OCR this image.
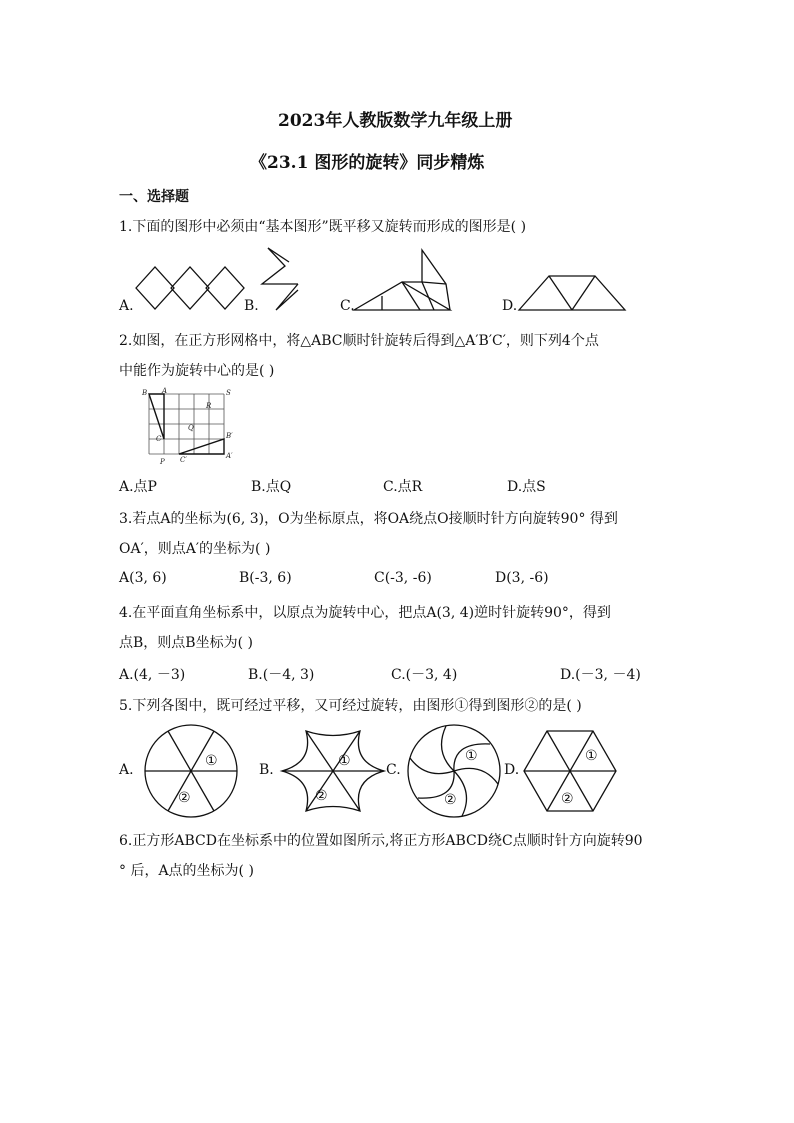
2023年人教版数学九年级上册
《23.1 图形的旋转》同步精炼
一、选择题
1.下面的图形中必须由“基本图形”既平移又旋转而形成的图形是( )
A.	B.	C.	D.
2.如图，在正方形网格中，将△ABC顺时针旋转后得到△A′B′C′，则下列4个点
中能作为旋转中心的是( )
B A	S
R
Q
C
P C′
B′
A′
A.点P	B.点Q	C.点R	D.点S
3.若点A的坐标为(6, 3)，O为坐标原点，将OA绕点O接顺时针方向旋转90° 得到
OA′，则点A′的坐标为( )
A(3, 6)	B(-3, 6)	C(-3, -6)	D(3, -6)
4.在平面直角坐标系中，以原点为旋转中心，把点A(3, 4)逆时针旋转90°，得到
点B，则点B坐标为( )
A.(4, －3)	B.(－4, 3)	C.(－3, 4)	D.(－3, －4)
5.下列各图中，既可经过平移，又可经过旋转，由图形①得到图形②的是( )
A.
①
②
B.
①
②
C.
①
②
D.
①
②
6.正方形ABCD在坐标系中的位置如图所示,将正方形ABCD绕C点顺时针方向旋转90
° 后，A点的坐标为( )
